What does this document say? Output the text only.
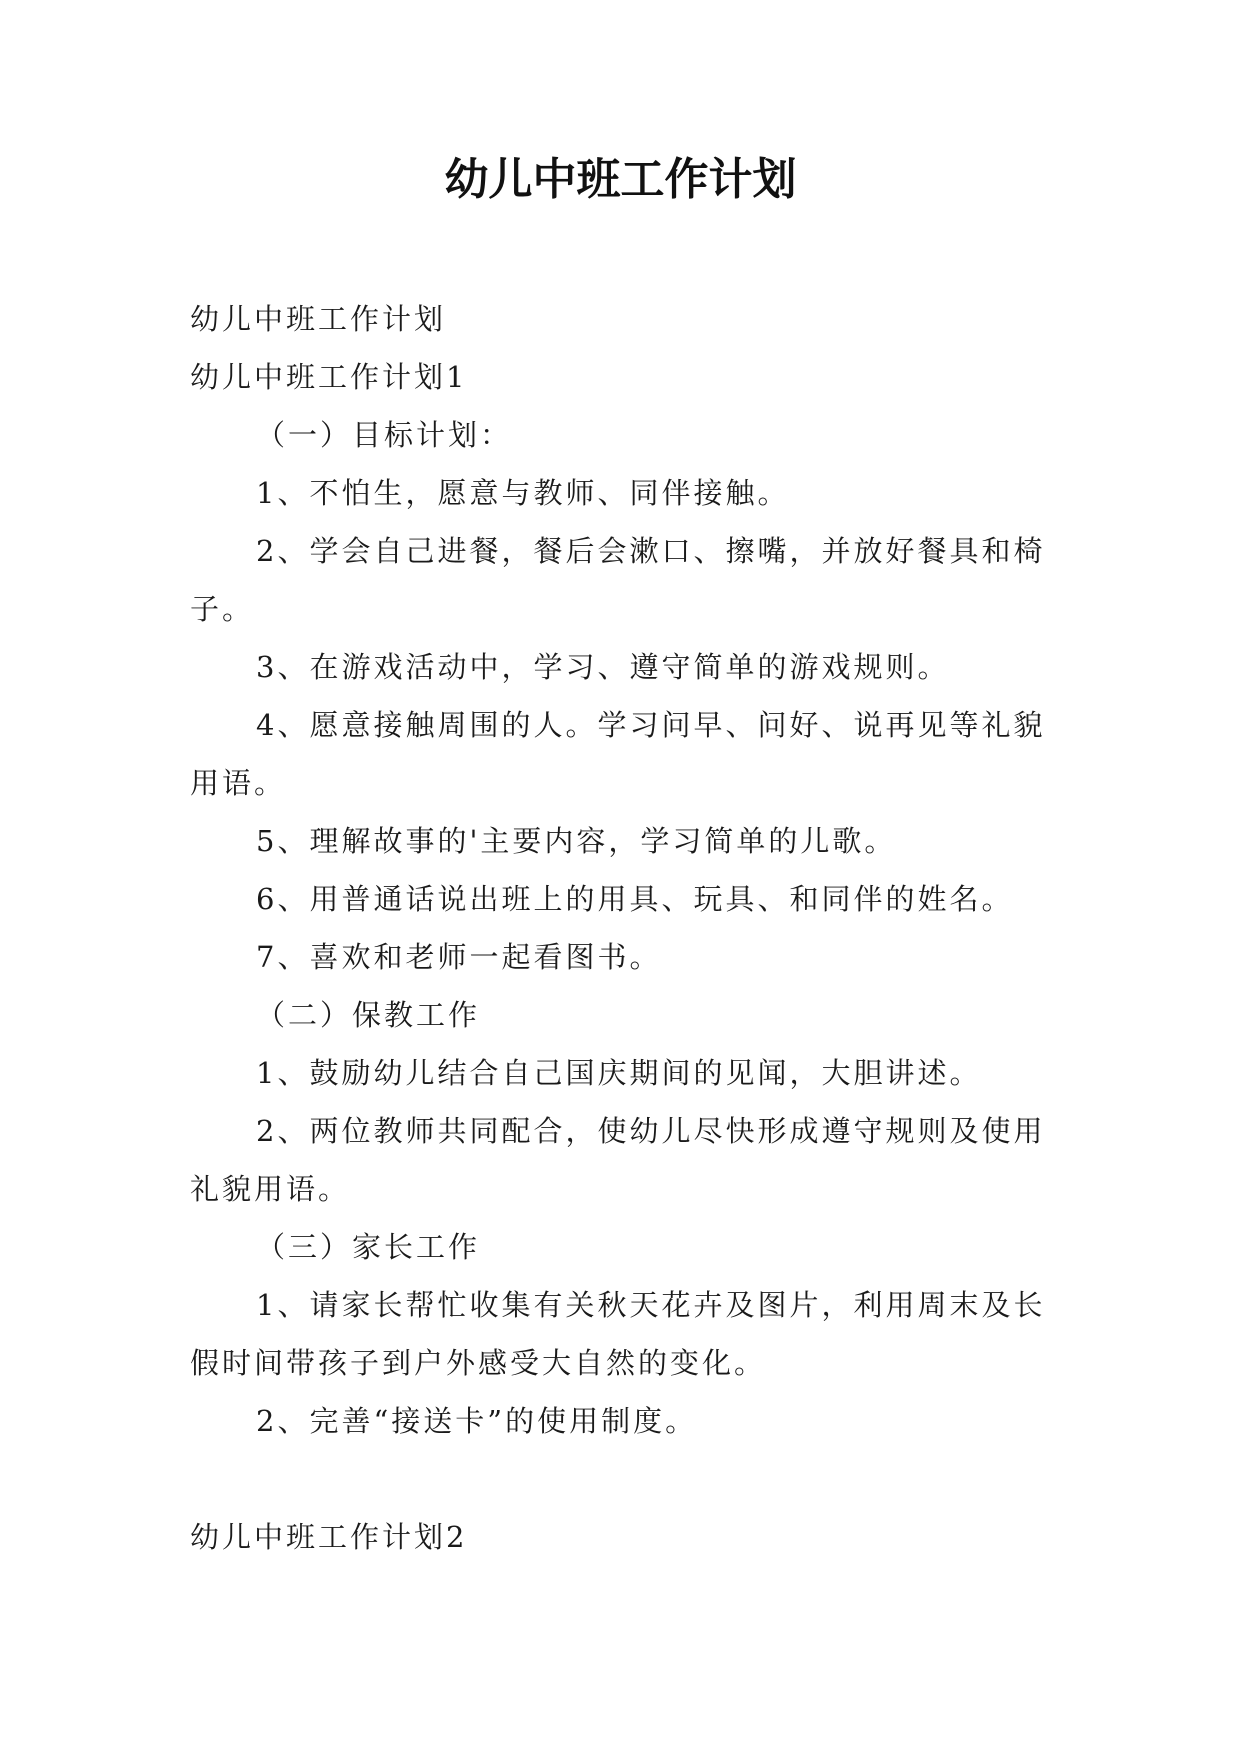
幼儿中班工作计划

幼儿中班工作计划

幼儿中班工作计划1

（一）目标计划：

1、不怕生，愿意与教师、同伴接触。

2、学会自己进餐，餐后会漱口、擦嘴，并放好餐具和椅子。

3、在游戏活动中，学习、遵守简单的游戏规则。

4、愿意接触周围的人。学习问早、问好、说再见等礼貌用语。

5、理解故事的'主要内容，学习简单的儿歌。

6、用普通话说出班上的用具、玩具、和同伴的姓名。

7、喜欢和老师一起看图书。

（二）保教工作

1、鼓励幼儿结合自己国庆期间的见闻，大胆讲述。

2、两位教师共同配合，使幼儿尽快形成遵守规则及使用礼貌用语。

（三）家长工作

1、请家长帮忙收集有关秋天花卉及图片，利用周末及长假时间带孩子到户外感受大自然的变化。

2、完善“接送卡”的使用制度。

幼儿中班工作计划2
